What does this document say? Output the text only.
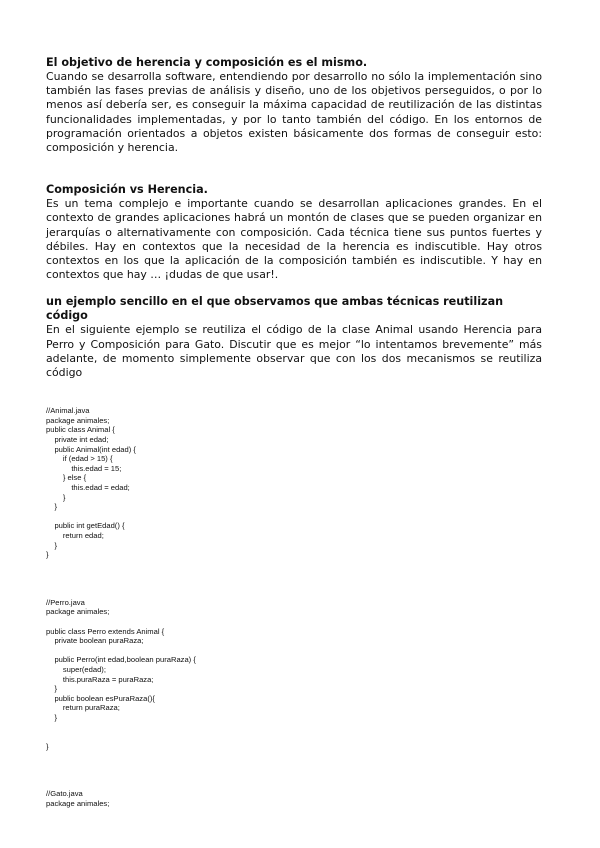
El objetivo de herencia y composición es el mismo.

Cuando se desarrolla software, entendiendo por desarrollo no sólo la implementación sino también las fases previas de análisis y diseño, uno de los objetivos perseguidos, o por lo menos así debería ser, es conseguir la máxima capacidad de reutilización de las distintas funcionalidades implementadas, y por lo tanto también del código. En los entornos de programación orientados a objetos existen básicamente dos formas de conseguir esto: composición y herencia.

Composición vs Herencia.

Es un tema complejo e importante cuando se desarrollan aplicaciones grandes. En el contexto de grandes aplicaciones habrá un montón de clases que se pueden organizar en jerarquías o alternativamente con composición. Cada técnica tiene sus puntos fuertes y débiles. Hay en contextos que la necesidad de la herencia es indiscutible. Hay otros contextos en los que la aplicación de la composición también es indiscutible. Y hay en contextos que hay … ¡dudas de que usar!.

un ejemplo sencillo en el que observamos que ambas técnicas reutilizan código

En el siguiente ejemplo se reutiliza el código de la clase Animal usando Herencia para Perro y Composición para Gato. Discutir que es mejor “lo intentamos brevemente” más adelante, de momento simplemente observar que con los dos mecanismos se reutiliza código

//Animal.java
package animales;
public class Animal {
private int edad;
public Animal(int edad) {
if (edad > 15) {
this.edad = 15;
} else {
this.edad = edad;
}
}

public int getEdad() {
return edad;
}
}
//Perro.java
package animales;

public class Perro extends Animal {
private boolean puraRaza;

public Perro(int edad,boolean puraRaza) {
super(edad);
this.puraRaza = puraRaza;
}
public boolean esPuraRaza(){
return puraRaza;
}

}
//Gato.java
package animales;
